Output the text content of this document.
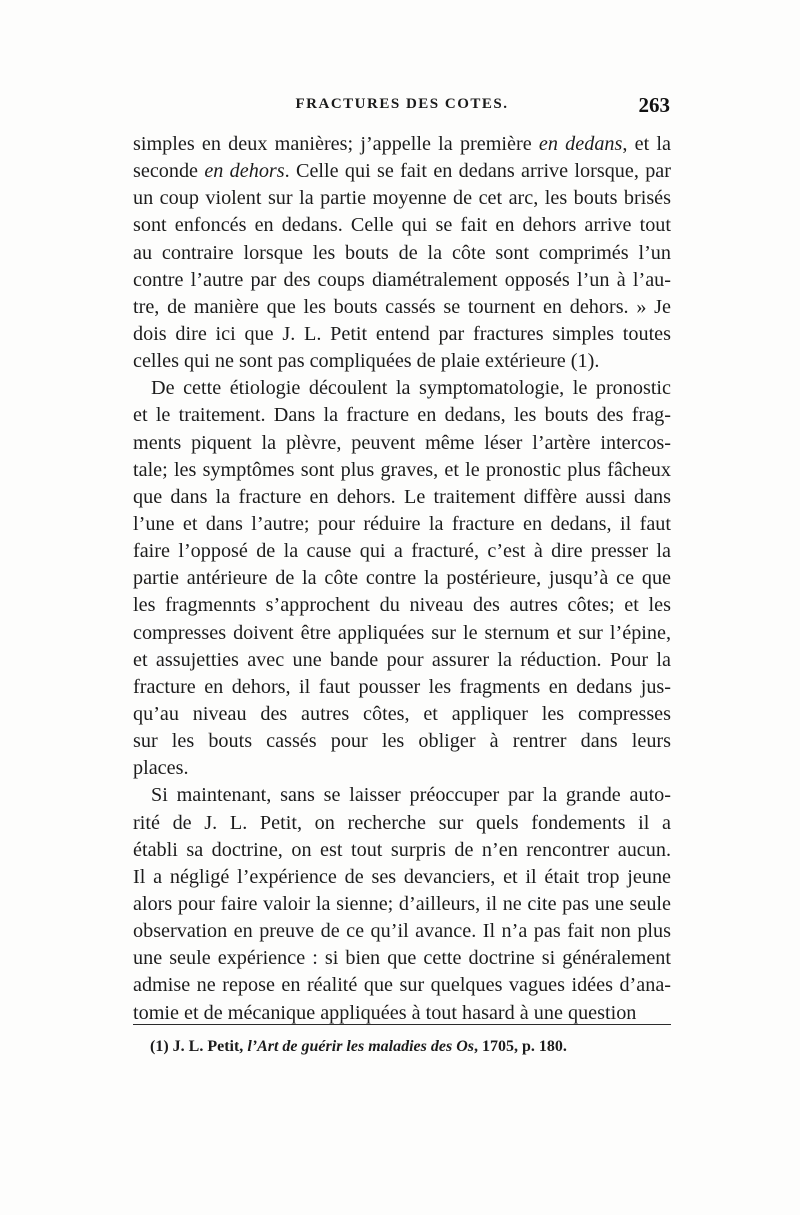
FRACTURES DES COTES.	263
simples en deux manières; j’appelle la première en dedans, et la
seconde en dehors. Celle qui se fait en dedans arrive lorsque, par
un coup violent sur la partie moyenne de cet arc, les bouts brisés
sont enfoncés en dedans. Celle qui se fait en dehors arrive tout
au contraire lorsque les bouts de la côte sont comprimés l’un
contre l’autre par des coups diamétralement opposés l’un à l’au-
tre, de manière que les bouts cassés se tournent en dehors. » Je
dois dire ici que J. L. Petit entend par fractures simples toutes
celles qui ne sont pas compliquées de plaie extérieure (1).
De cette étiologie découlent la symptomatologie, le pronostic
et le traitement. Dans la fracture en dedans, les bouts des frag-
ments piquent la plèvre, peuvent même léser l’artère intercos-
tale; les symptômes sont plus graves, et le pronostic plus fâcheux
que dans la fracture en dehors. Le traitement diffère aussi dans
l’une et dans l’autre; pour réduire la fracture en dedans, il faut
faire l’opposé de la cause qui a fracturé, c’est à dire presser la
partie antérieure de la côte contre la postérieure, jusqu’à ce que
les fragmennts s’approchent du niveau des autres côtes; et les
compresses doivent être appliquées sur le sternum et sur l’épine,
et assujetties avec une bande pour assurer la réduction. Pour la
fracture en dehors, il faut pousser les fragments en dedans jus-
qu’au niveau des autres côtes, et appliquer les compresses
sur les bouts cassés pour les obliger à rentrer dans leurs
places.
Si maintenant, sans se laisser préoccuper par la grande auto-
rité de J. L. Petit, on recherche sur quels fondements il a
établi sa doctrine, on est tout surpris de n’en rencontrer aucun.
Il a négligé l’expérience de ses devanciers, et il était trop jeune
alors pour faire valoir la sienne; d’ailleurs, il ne cite pas une seule
observation en preuve de ce qu’il avance. Il n’a pas fait non plus
une seule expérience : si bien que cette doctrine si généralement
admise ne repose en réalité que sur quelques vagues idées d’ana-
tomie et de mécanique appliquées à tout hasard à une question
(1) J. L. Petit, l’Art de guérir les maladies des Os, 1705, p. 180.
